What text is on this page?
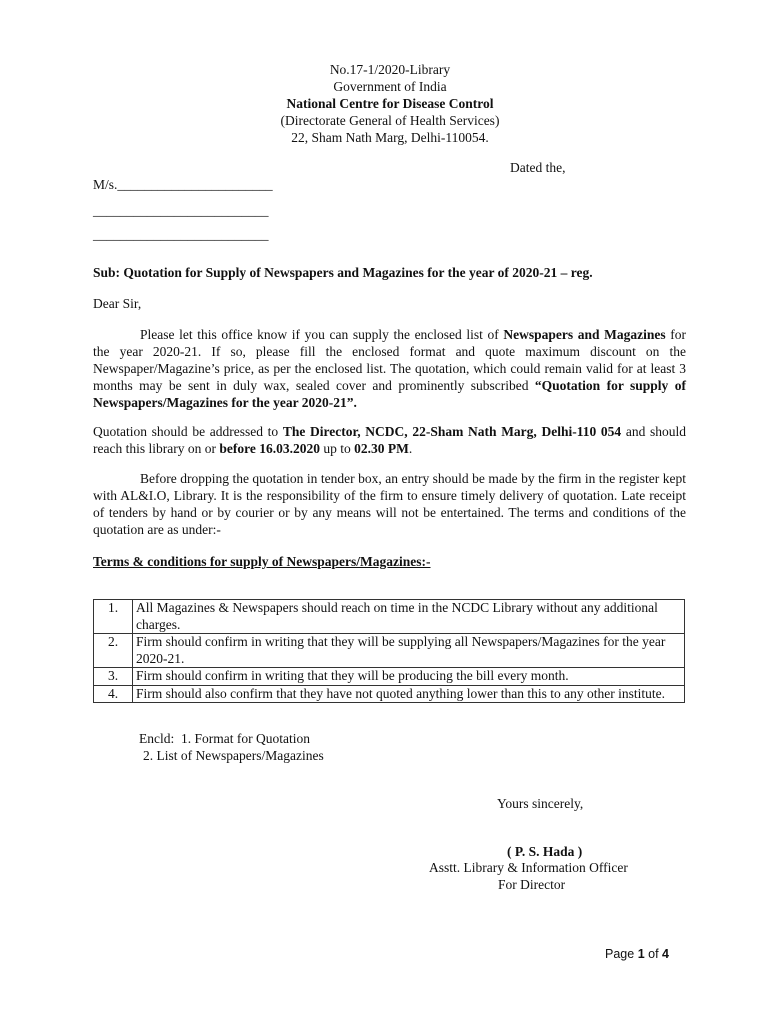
No.17-1/2020-Library
Government of India
National Centre for Disease Control
(Directorate General of Health Services)
22, Sham Nath Marg, Delhi-110054.
Dated the,
M/s._______________________
__________________________
__________________________
Sub: Quotation for Supply of Newspapers and Magazines for the year of 2020-21 – reg.
Dear Sir,
Please let this office know if you can supply the enclosed list of Newspapers and Magazines for the year 2020-21. If so, please fill the enclosed format and quote maximum discount on the Newspaper/Magazine’s price, as per the enclosed list. The quotation, which could remain valid for at least 3 months may be sent in duly wax, sealed cover and prominently subscribed “Quotation for supply of Newspapers/Magazines for the year 2020-21”.
Quotation should be addressed to The Director, NCDC, 22-Sham Nath Marg, Delhi-110 054 and should reach this library on or before 16.03.2020 up to 02.30 PM.
Before dropping the quotation in tender box, an entry should be made by the firm in the register kept with AL&I.O, Library. It is the responsibility of the firm to ensure timely delivery of quotation. Late receipt of tenders by hand or by courier or by any means will not be entertained. The terms and conditions of the quotation are as under:-
Terms & conditions for supply of Newspapers/Magazines:-
1.	All Magazines & Newspapers should reach on time in the NCDC Library without any additional charges.
2.	Firm should confirm in writing that they will be supplying all Newspapers/Magazines for the year 2020-21.
3.	Firm should confirm in writing that they will be producing the bill every month.
4.	Firm should also confirm that they have not quoted anything lower than this to any other institute.
Encld:  1. Format for Quotation
2. List of Newspapers/Magazines
Yours sincerely,
( P. S. Hada )
Asstt. Library & Information Officer
For Director
Page 1 of 4
